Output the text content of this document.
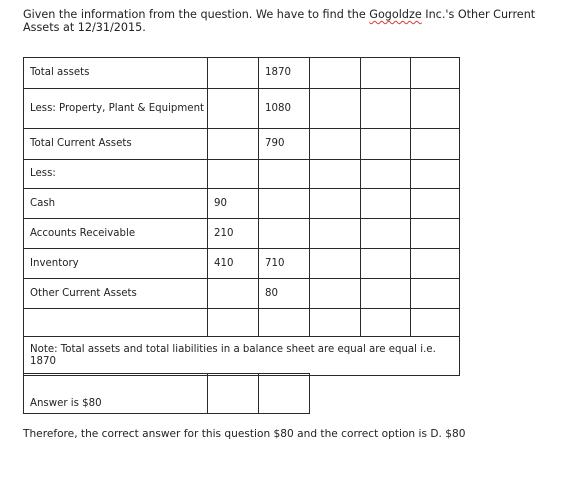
Given the information from the question. We have to find the Gogoldze Inc.'s Other Current Assets at 12/31/2015.

Total assets		1870			
Less: Property, Plant & Equipment		1080			
Total Current Assets		790			
Less:					
Cash	90				
Accounts Receivable	210				
Inventory	410	710			
Other Current Assets		80			

Note: Total assets and total liabilities in a balance sheet are equal are equal i.e. 1870					
Answer is $80		

Therefore, the correct answer for this question $80 and the correct option is D. $80
